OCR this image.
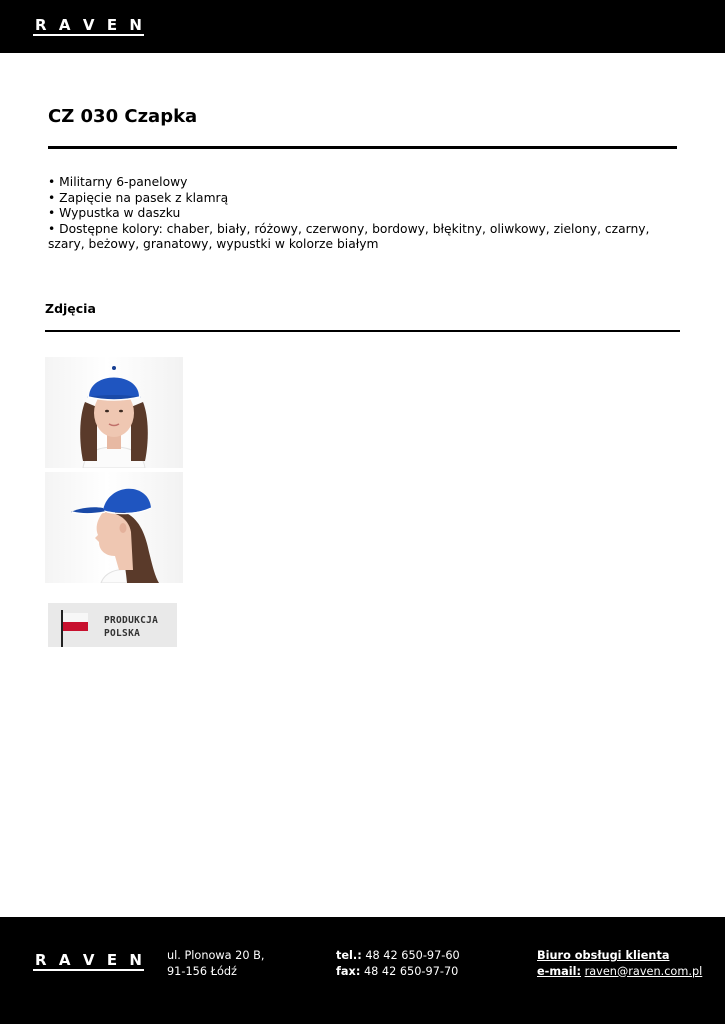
R A V E N
CZ 030 Czapka
• Militarny 6-panelowy
• Zapięcie na pasek z klamrą
• Wypustka w daszku
• Dostępne kolory: chaber, biały, różowy, czerwony, bordowy, błękitny, oliwkowy, zielony, czarny, szary, beżowy, granatowy, wypustki w kolorze białym
Zdjęcia
PRODUKCJA
POLSKA
R A V E N ul. Plonowa 20 B,
91-156 Łódź
tel.: 48 42 650-97-60
fax: 48 42 650-97-70
Biuro obsługi klienta
e-mail: raven@raven.com.pl
